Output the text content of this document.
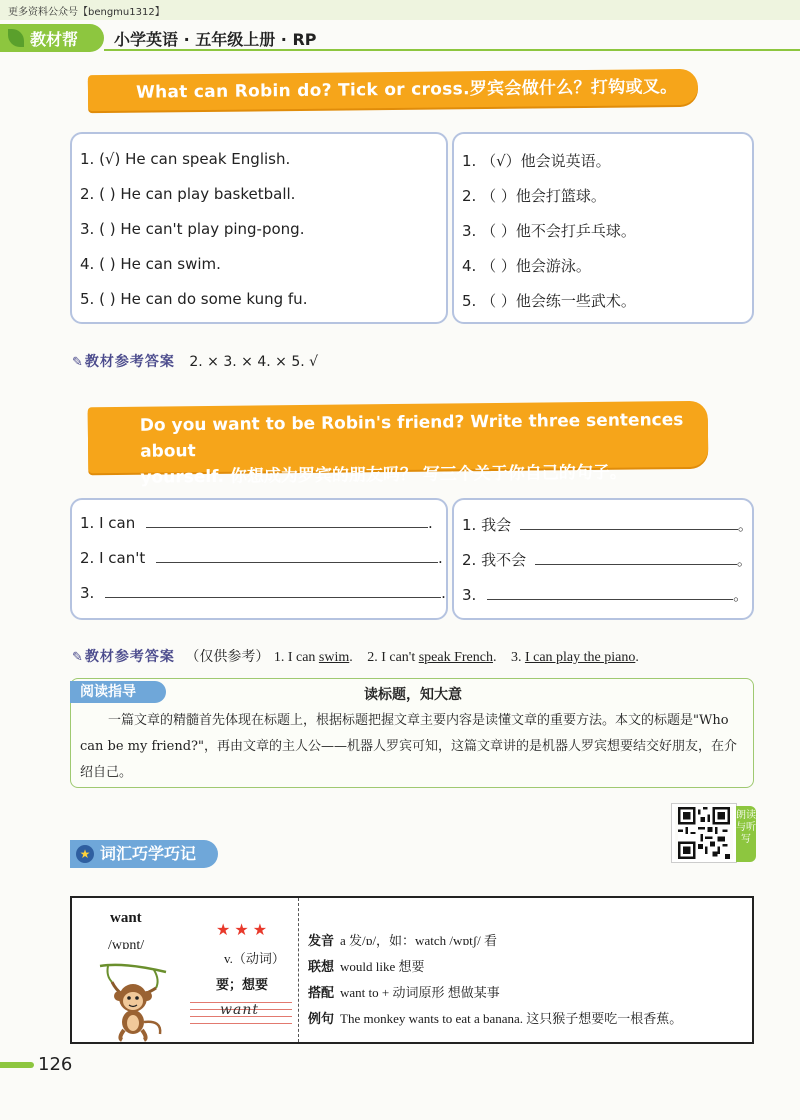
更多资料公众号【bengmu1312】
教材帮	小学英语 · 五年级上册 · RP
What can Robin do? Tick or cross.罗宾会做什么？打钩或叉。
1. (√) He can speak English.
2. ( ) He can play basketball.
3. ( ) He can't play ping-pong.
4. ( ) He can swim.
5. ( ) He can do some kung fu.
1. （√）他会说英语。
2. （ ）他会打篮球。
3. （ ）他不会打乒乓球。
4. （ ）他会游泳。
5. （ ）他会练一些武术。
✎ 教材参考答案 2. × 3. × 4. × 5. √
Do you want to be Robin's friend? Write three sentences about
yourself. 你想成为罗宾的朋友吗？ 写三个关于你自己的句子。
1. I can	.
2. I can't	.
3.	.
1. 我会	。
2. 我不会	。
3.	。
✎ 教材参考答案 （仅供参考） 1. I can swim. 2. I can't speak French. 3. I can play the piano.
阅读指导	读标题，知大意
一篇文章的精髓首先体现在标题上，根据标题把握文章主要内容是读懂文章的重要方法。本文的标题是"Who can be my friend?"，再由文章的主人公——机器人罗宾可知，这篇文章讲的是机器人罗宾想要结交好朋友，在介绍自己。
词汇巧学巧记
★
朗读与听写
want
/wɒnt/
★★★
v.（动词）
要；想要
want
发音 a 发/ɒ/，如：watch /wɒtʃ/ 看
联想 would like 想要
搭配 want to + 动词原形 想做某事
例句 The monkey wants to eat a banana. 这只猴子想要吃一根香蕉。
126
